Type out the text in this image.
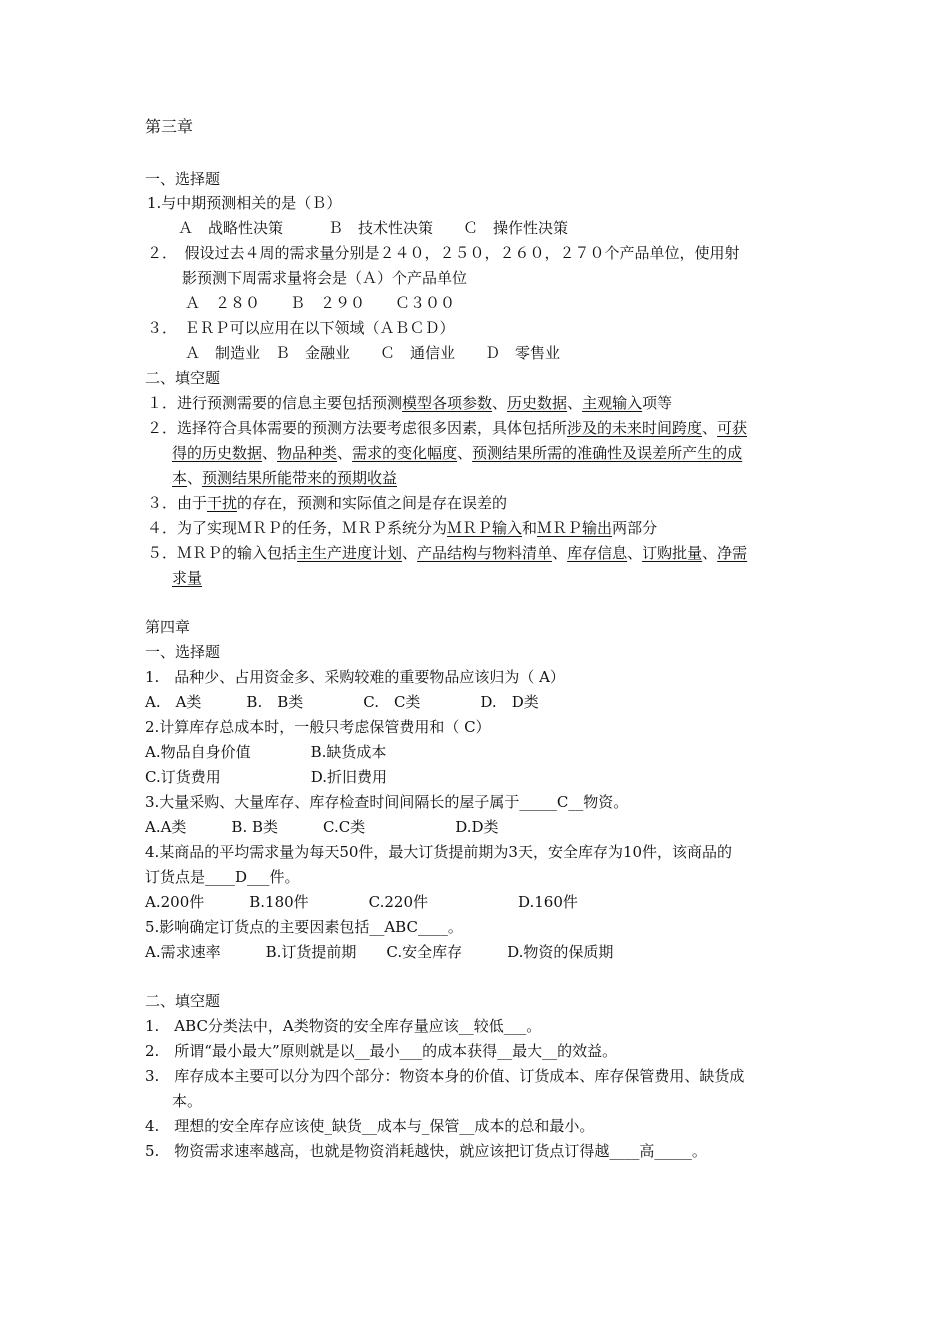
第三章
一、选择题
1.与中期预测相关的是（Ｂ）
Ａ　战略性决策　　　Ｂ　技术性决策　　Ｃ　操作性决策
２．　假设过去４周的需求量分别是２４０，２５０，２６０，２７０个产品单位，使用射
影预测下周需求量将会是（Ａ）个产品单位
Ａ　２８０　　Ｂ　２９０　　Ｃ３００
３．　ＥＲＰ可以应用在以下领域（ＡＢＣＤ）
Ａ　制造业　Ｂ　金融业　　Ｃ　通信业　　Ｄ　零售业
二、填空题
１．进行预测需要的信息主要包括预测模型各项参数、历史数据、主观输入项等
２．选择符合具体需要的预测方法要考虑很多因素，具体包括所涉及的未来时间跨度、可获
得的历史数据、物品种类、需求的变化幅度、预测结果所需的准确性及误差所产生的成
本、预测结果所能带来的预期收益
３．由于干扰的存在，预测和实际值之间是存在误差的
４．为了实现ＭＲＰ的任务，ＭＲＰ系统分为ＭＲＰ输入和ＭＲＰ输出两部分
５．ＭＲＰ的输入包括主生产进度计划、产品结构与物料清单、库存信息、订购批量、净需
求量
第四章
一、选择题
1.　品种少、占用资金多、采购较难的重要物品应该归为（ A）
A.　A类　　　B.　B类　　　　C.　C类　　　　D.　D类
2.计算库存总成本时，一般只考虑保管费用和（ C）
A.物品自身价值　　　　B.缺货成本
C.订货费用　　　　　　D.折旧费用
3.大量采购、大量库存、库存检查时间间隔长的屋子属于_____C__物资。
A.A类　　　B. B类　　　C.C类　　　　　　D.D类
4.某商品的平均需求量为每天50件，最大订货提前期为3天，安全库存为10件，该商品的
订货点是____D___件。
A.200件　　　B.180件　　　　C.220件　　　　　　D.160件
5.影响确定订货点的主要因素包括__ABC____。
A.需求速率　　　B.订货提前期　　C.安全库存　　　D.物资的保质期
二、填空题
1.　ABC分类法中，A类物资的安全库存量应该__较低___。
2.　所谓“最小最大”原则就是以__最小___的成本获得__最大__的效益。
3.　库存成本主要可以分为四个部分：物资本身的价值、订货成本、库存保管费用、缺货成
本。
4.　理想的安全库存应该使_缺货__成本与_保管__成本的总和最小。
5.　物资需求速率越高，也就是物资消耗越快，就应该把订货点订得越____高_____。
